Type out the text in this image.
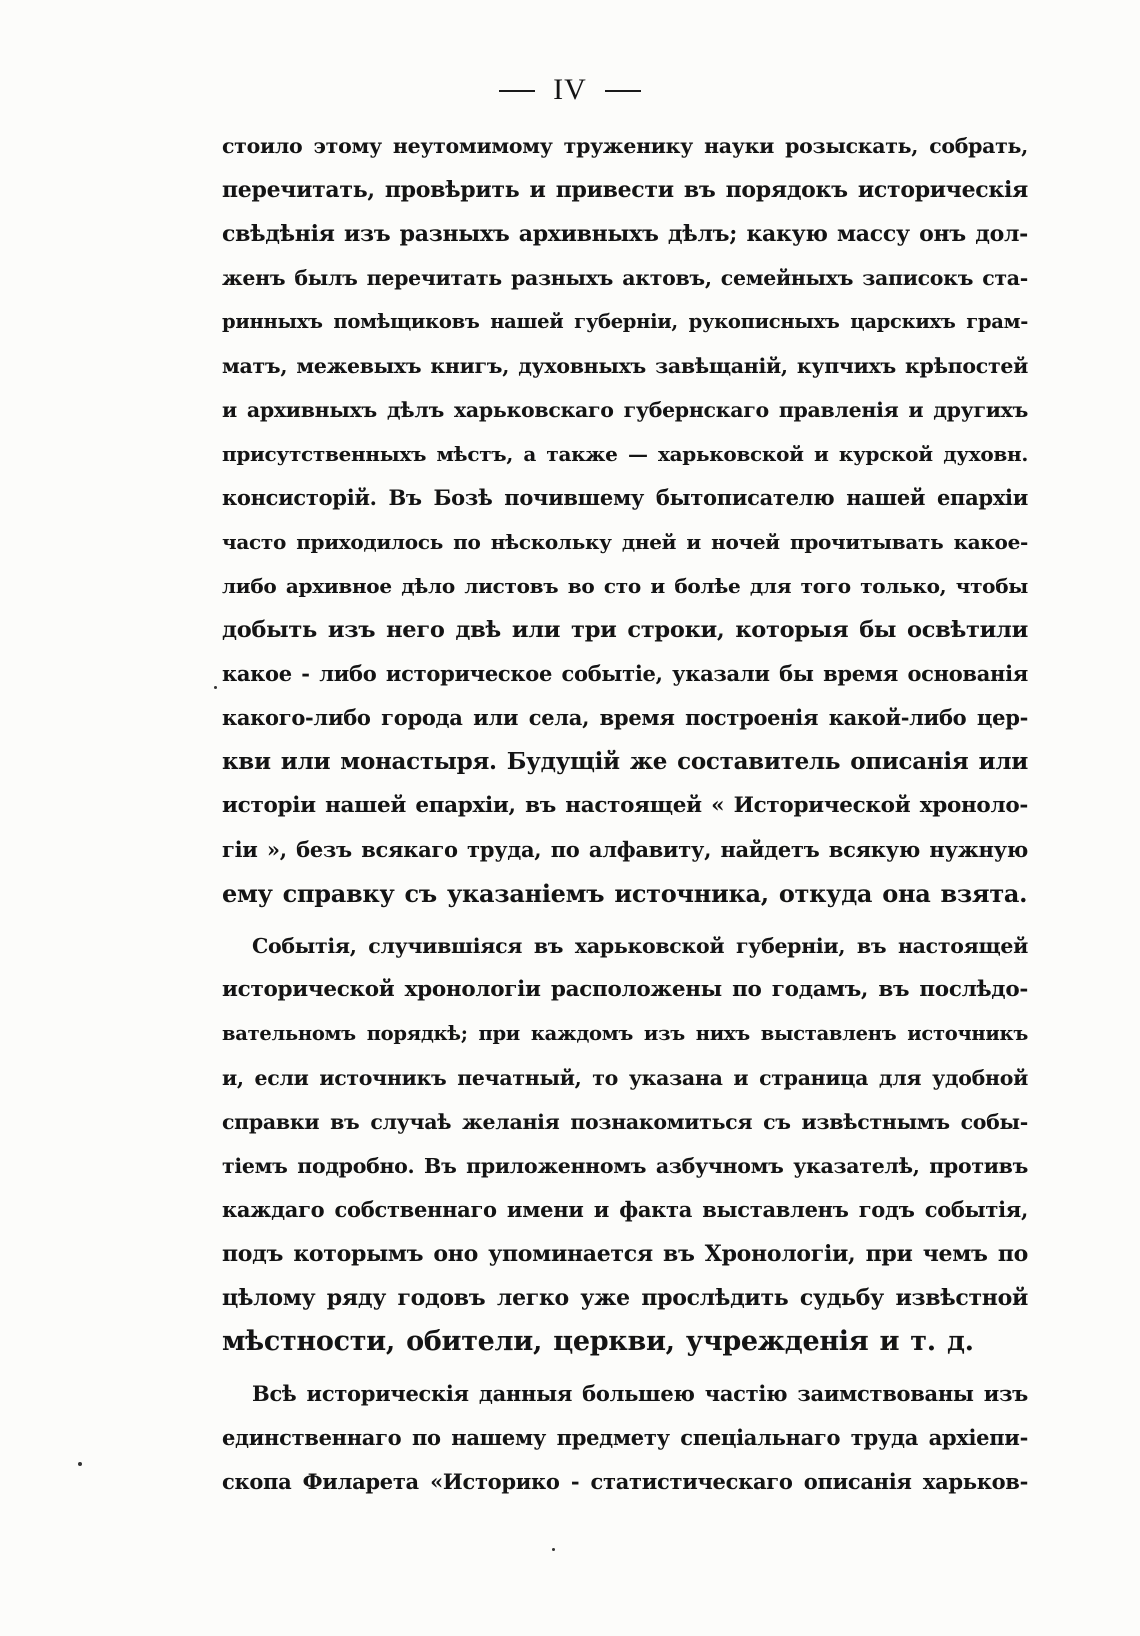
IV
стоило этому неутомимому труженику науки розыскать, собрать,
перечитать, провѣрить и привести въ порядокъ историческія
свѣдѣнія изъ разныхъ архивныхъ дѣлъ; какую массу онъ дол-
женъ былъ перечитать разныхъ актовъ, семейныхъ записокъ ста-
ринныхъ помѣщиковъ нашей губерніи, рукописныхъ царскихъ грам-
матъ, межевыхъ книгъ, духовныхъ завѣщаній, купчихъ крѣпостей
и архивныхъ дѣлъ харьковскаго губернскаго правленія и другихъ
присутственныхъ мѣстъ, а также — харьковской и курской духовн.
консисторій. Въ Бозѣ почившему бытописателю нашей епархіи
часто приходилось по нѣскольку дней и ночей прочитывать какое-
либо архивное дѣло листовъ во сто и болѣе для того только, чтобы
добыть изъ него двѣ или три строки, которыя бы освѣтили
какое - либо историческое событіе, указали бы время основанія
какого-либо города или села, время построенія какой-либо цер-
кви или монастыря. Будущій же составитель описанія или
исторіи нашей епархіи, въ настоящей « Исторической хроноло-
гіи », безъ всякаго труда, по алфавиту, найдетъ всякую нужную
ему справку съ указаніемъ источника, откуда она взята.
Событія, случившіяся въ харьковской губерніи, въ настоящей
исторической хронологіи расположены по годамъ, въ послѣдо-
вательномъ порядкѣ; при каждомъ изъ нихъ выставленъ источникъ
и, если источникъ печатный, то указана и страница для удобной
справки въ случаѣ желанія познакомиться съ извѣстнымъ собы-
тіемъ подробно. Въ приложенномъ азбучномъ указателѣ, противъ
каждаго собственнаго имени и факта выставленъ годъ событія,
подъ которымъ оно упоминается въ Хронологіи, при чемъ по
цѣлому ряду годовъ легко уже прослѣдить судьбу извѣстной
мѣстности, обители, церкви, учрежденія и т. д.
Всѣ историческія данныя большею частію заимствованы изъ
единственнаго по нашему предмету спеціальнаго труда архіепи-
скопа Филарета «Историко - статистическаго описанія харьков-
